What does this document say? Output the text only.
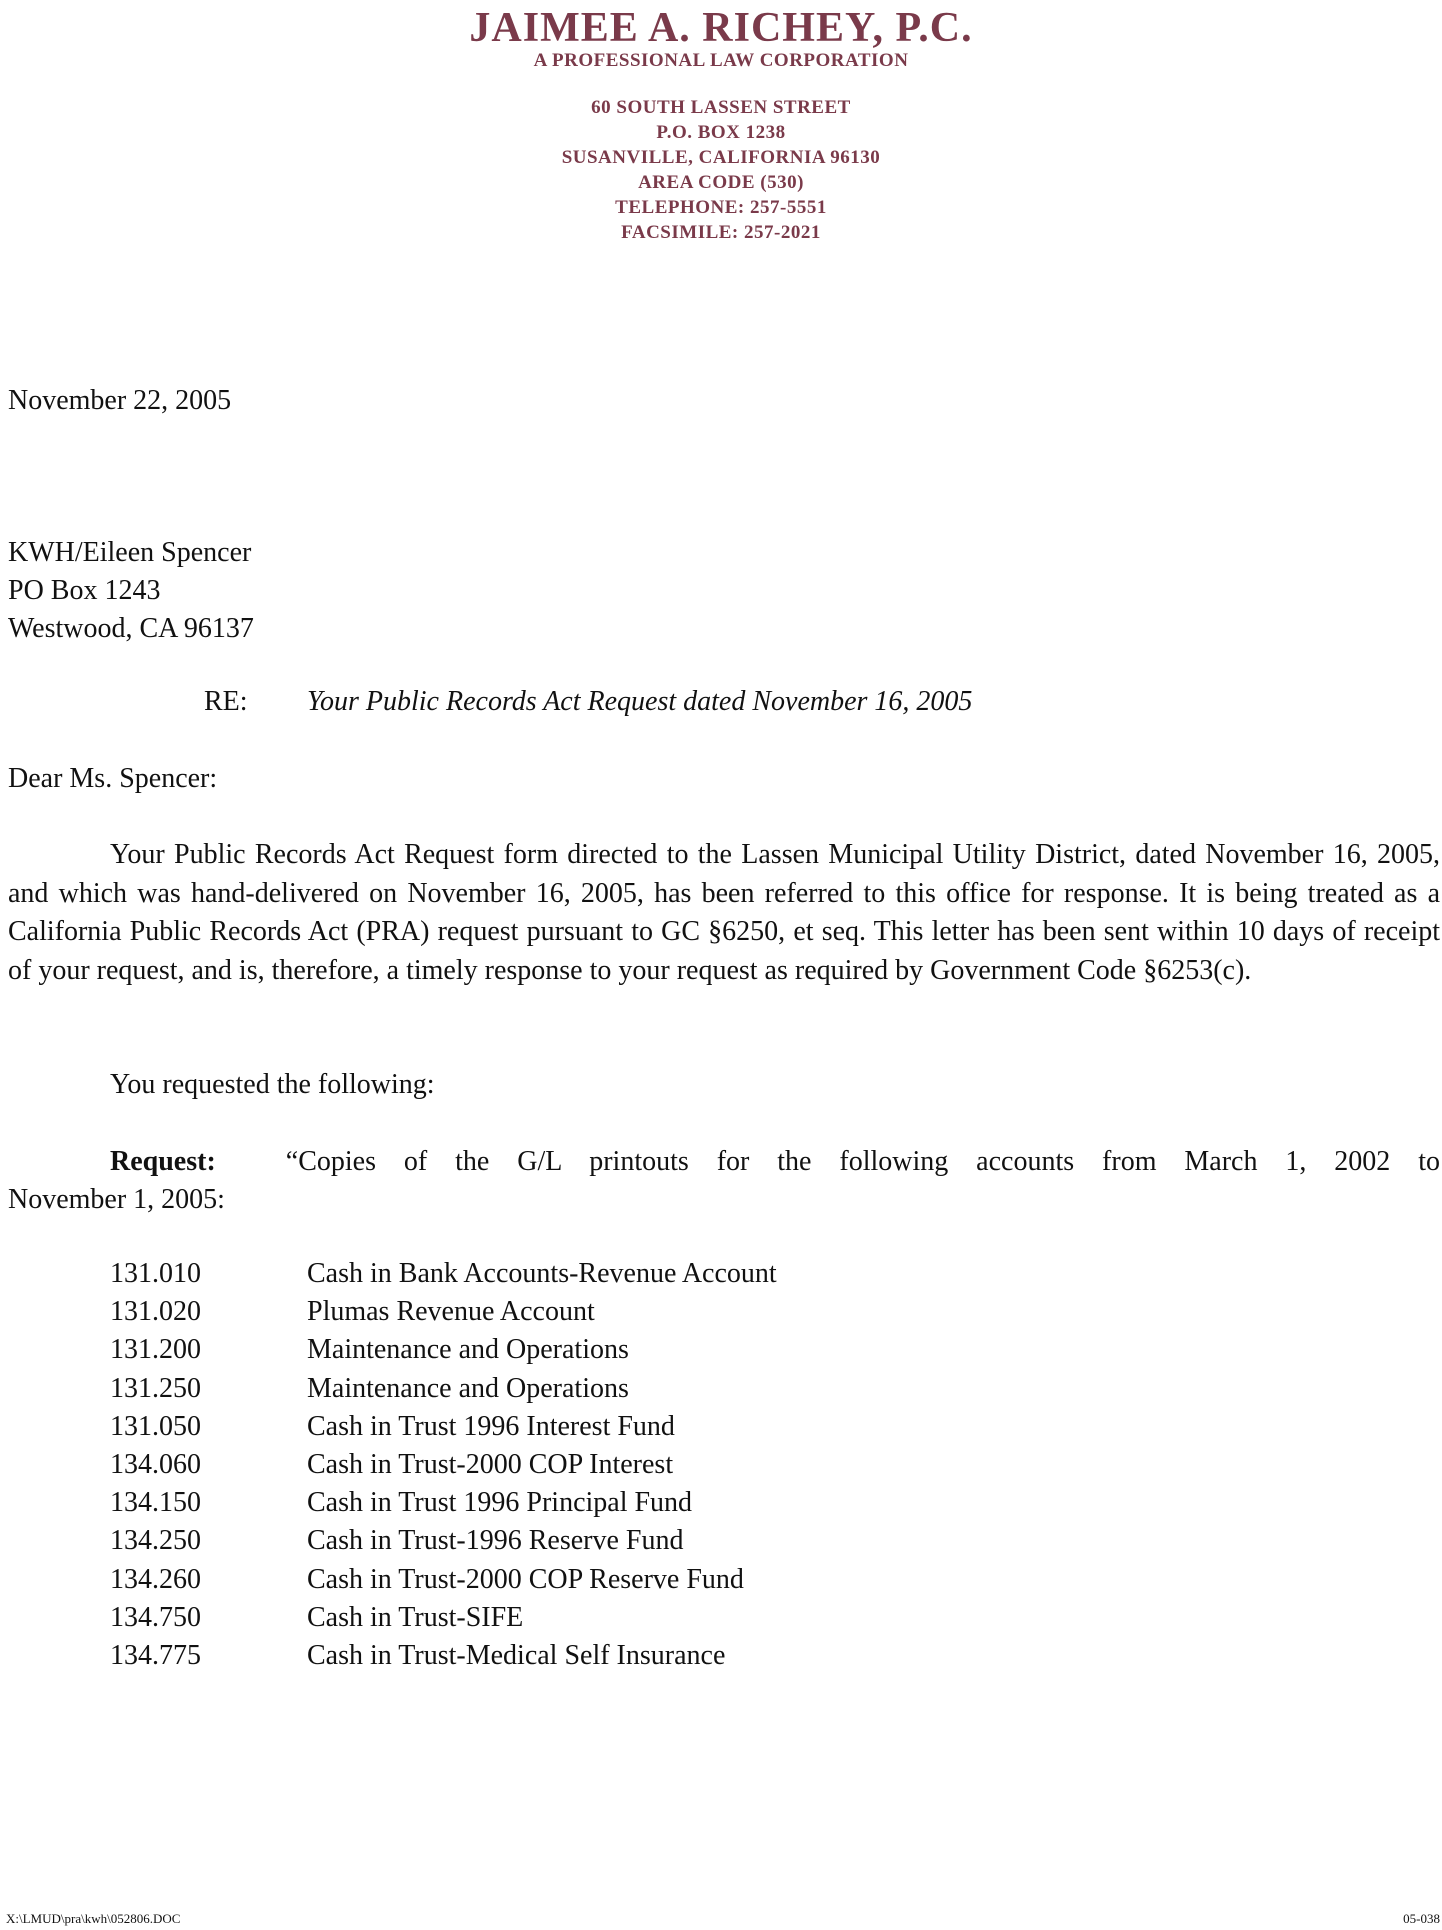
JAIMEE A. RICHEY, P.C.
A PROFESSIONAL LAW CORPORATION
60 SOUTH LASSEN STREET
P.O. BOX 1238
SUSANVILLE, CALIFORNIA 96130
AREA CODE (530)
TELEPHONE: 257-5551
FACSIMILE: 257-2021
November 22, 2005
KWH/Eileen Spencer
PO Box 1243
Westwood, CA 96137
RE: Your Public Records Act Request dated November 16, 2005
Dear Ms. Spencer:
Your Public Records Act Request form directed to the Lassen Municipal Utility District, dated November 16, 2005, and which was hand-delivered on November 16, 2005, has been referred to this office for response. It is being treated as a California Public Records Act (PRA) request pursuant to GC §6250, et seq. This letter has been sent within 10 days of receipt of your request, and is, therefore, a timely response to your request as required by Government Code §6253(c).
You requested the following:
Request:	“Copies of the G/L printouts for the following accounts from March 1, 2002 to
November 1, 2005:
131.010	Cash in Bank Accounts-Revenue Account
131.020	Plumas Revenue Account
131.200	Maintenance and Operations
131.250	Maintenance and Operations
131.050	Cash in Trust 1996 Interest Fund
134.060	Cash in Trust-2000 COP Interest
134.150	Cash in Trust 1996 Principal Fund
134.250	Cash in Trust-1996 Reserve Fund
134.260	Cash in Trust-2000 COP Reserve Fund
134.750	Cash in Trust-SIFE
134.775	Cash in Trust-Medical Self Insurance
X:\LMUD\pra\kwh\052806.DOC	05-038
